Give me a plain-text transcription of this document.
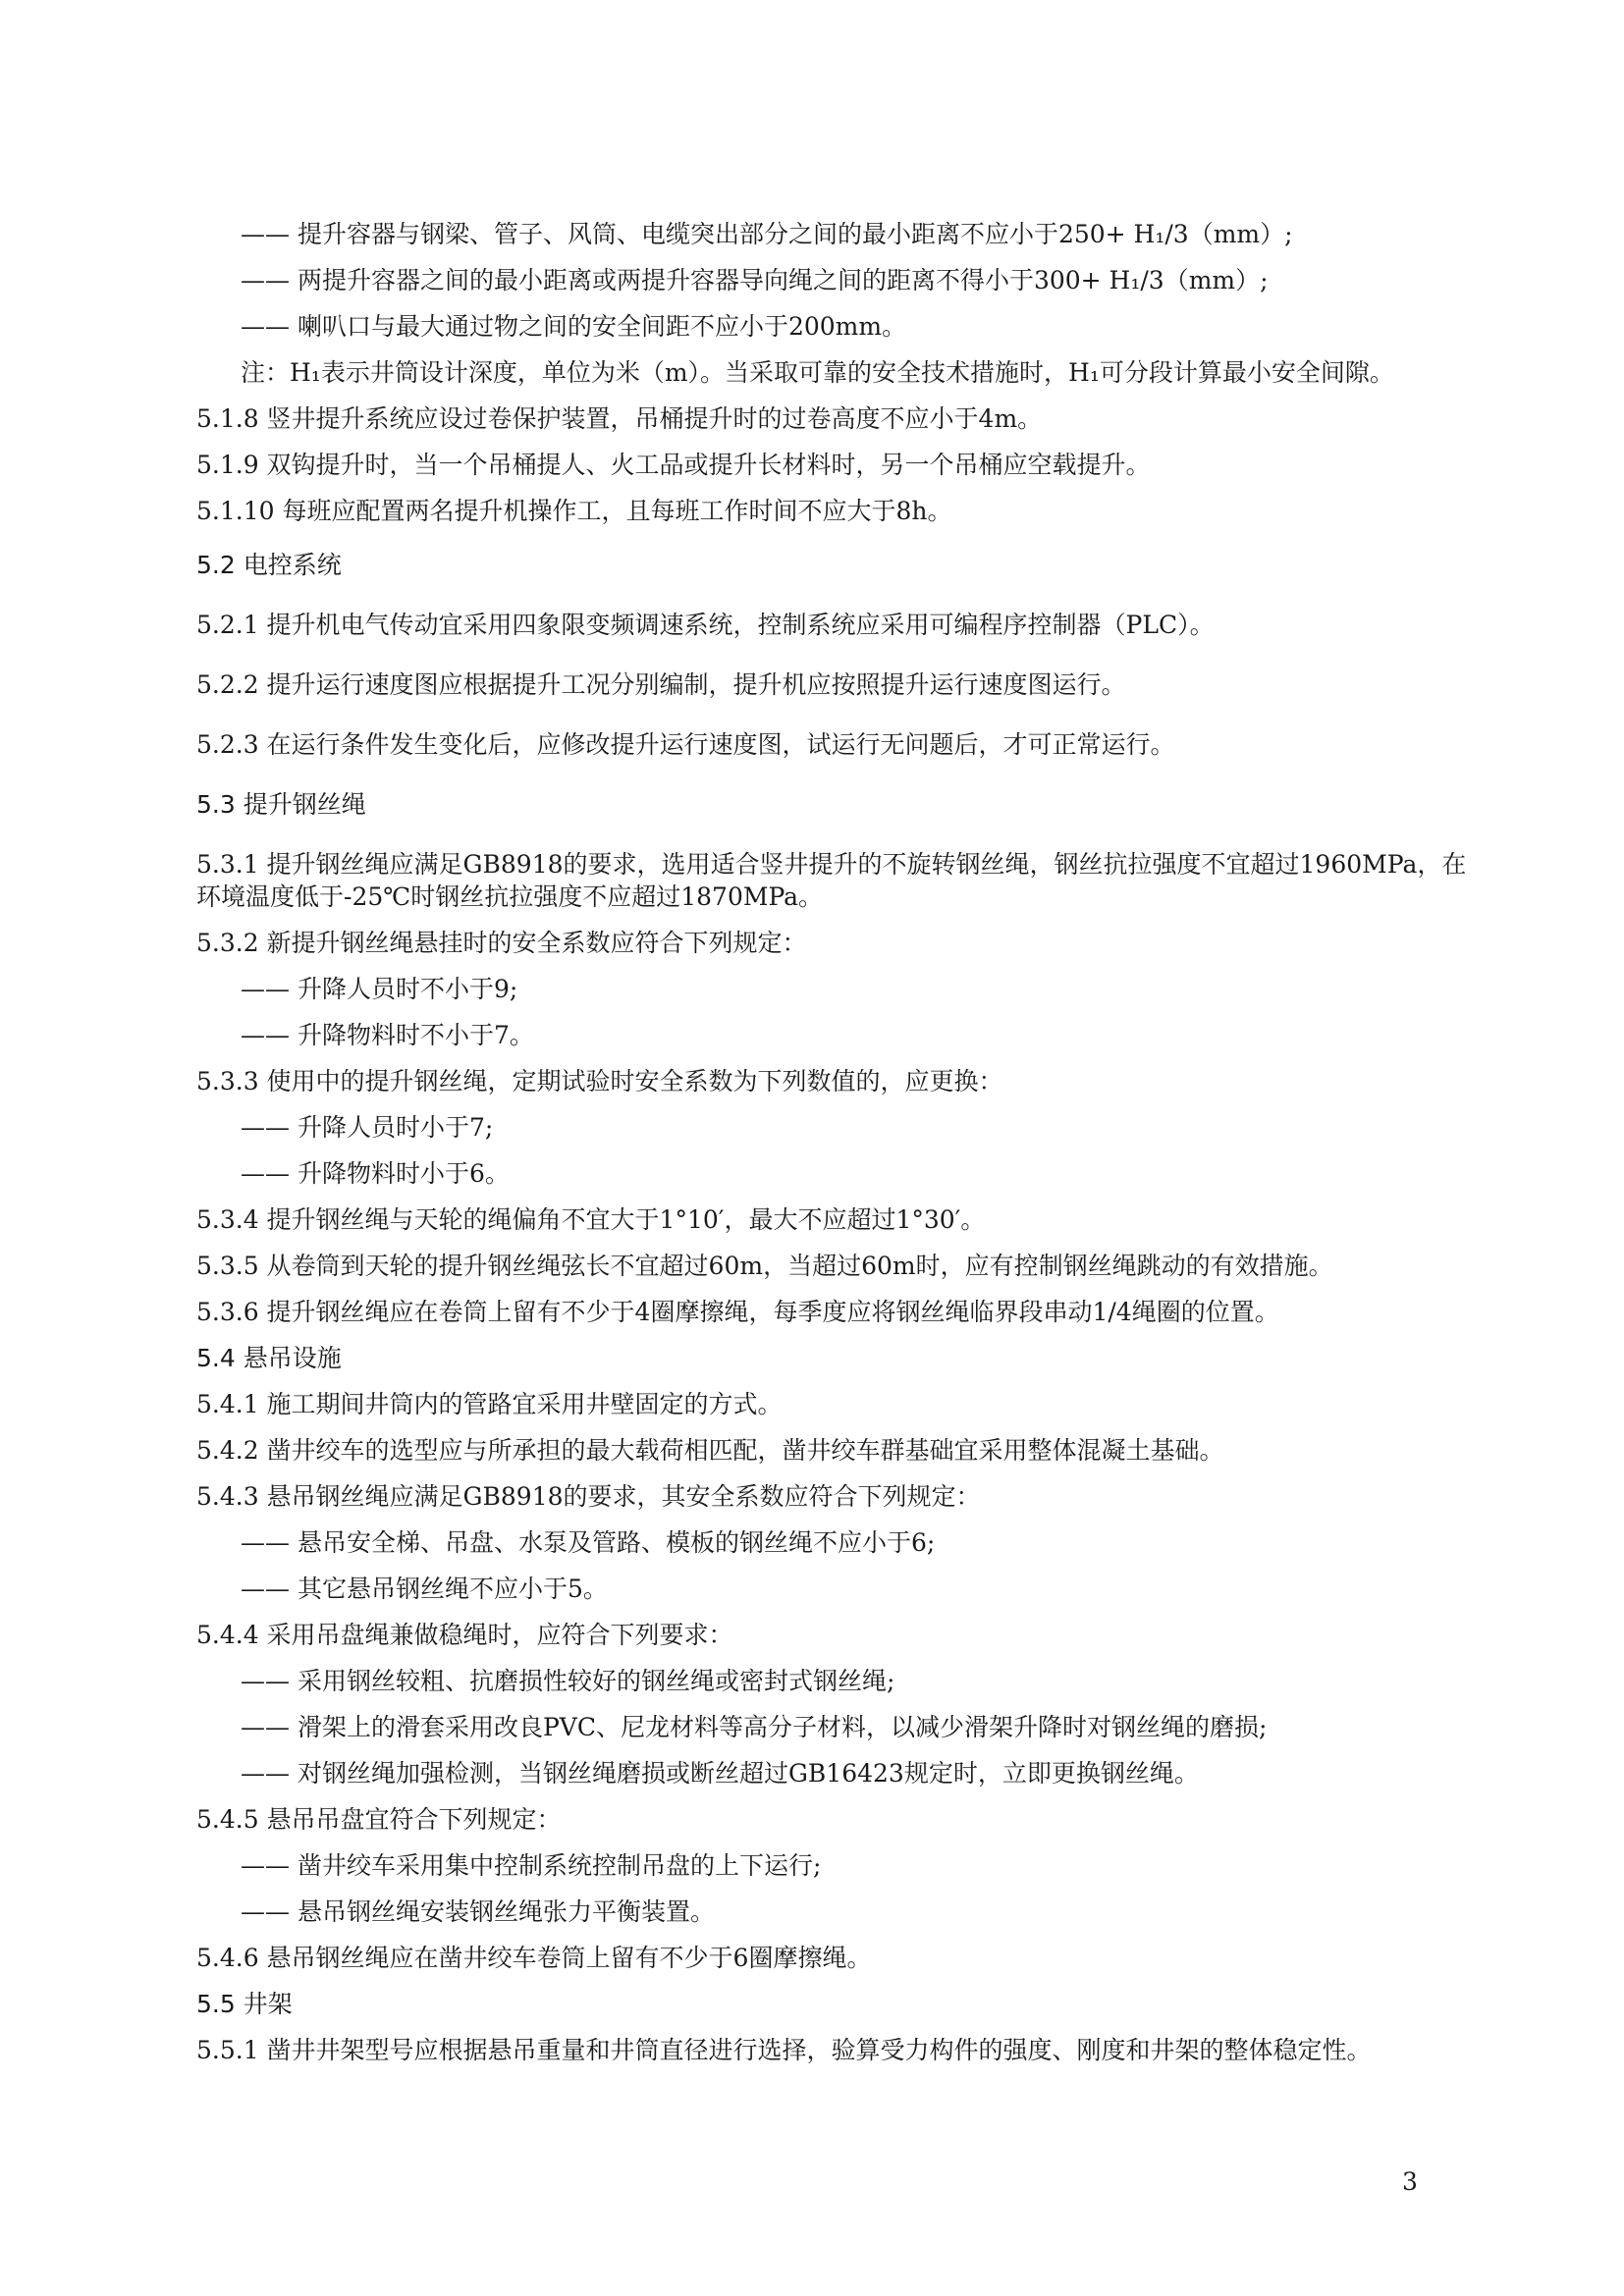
—— 提升容器与钢梁、管子、风筒、电缆突出部分之间的最小距离不应小于250+ H₁/3（mm）;
—— 两提升容器之间的最小距离或两提升容器导向绳之间的距离不得小于300+ H₁/3（mm）;
—— 喇叭口与最大通过物之间的安全间距不应小于200mm。
注：H₁表示井筒设计深度，单位为米（m）。当采取可靠的安全技术措施时，H₁可分段计算最小安全间隙。
5.1.8 竖井提升系统应设过卷保护装置，吊桶提升时的过卷高度不应小于4m。
5.1.9 双钩提升时，当一个吊桶提人、火工品或提升长材料时，另一个吊桶应空载提升。
5.1.10 每班应配置两名提升机操作工，且每班工作时间不应大于8h。
5.2 电控系统
5.2.1 提升机电气传动宜采用四象限变频调速系统，控制系统应采用可编程序控制器（PLC）。
5.2.2 提升运行速度图应根据提升工况分别编制，提升机应按照提升运行速度图运行。
5.2.3 在运行条件发生变化后，应修改提升运行速度图，试运行无问题后，才可正常运行。
5.3 提升钢丝绳
5.3.1 提升钢丝绳应满足GB8918的要求，选用适合竖井提升的不旋转钢丝绳，钢丝抗拉强度不宜超过1960MPa，在环境温度低于-25℃时钢丝抗拉强度不应超过1870MPa。
5.3.2 新提升钢丝绳悬挂时的安全系数应符合下列规定：
—— 升降人员时不小于9;
—— 升降物料时不小于7。
5.3.3 使用中的提升钢丝绳，定期试验时安全系数为下列数值的，应更换：
—— 升降人员时小于7;
—— 升降物料时小于6。
5.3.4 提升钢丝绳与天轮的绳偏角不宜大于1°10′，最大不应超过1°30′。
5.3.5 从卷筒到天轮的提升钢丝绳弦长不宜超过60m，当超过60m时，应有控制钢丝绳跳动的有效措施。
5.3.6 提升钢丝绳应在卷筒上留有不少于4圈摩擦绳，每季度应将钢丝绳临界段串动1/4绳圈的位置。
5.4 悬吊设施
5.4.1 施工期间井筒内的管路宜采用井壁固定的方式。
5.4.2 凿井绞车的选型应与所承担的最大载荷相匹配，凿井绞车群基础宜采用整体混凝土基础。
5.4.3 悬吊钢丝绳应满足GB8918的要求，其安全系数应符合下列规定：
—— 悬吊安全梯、吊盘、水泵及管路、模板的钢丝绳不应小于6;
—— 其它悬吊钢丝绳不应小于5。
5.4.4 采用吊盘绳兼做稳绳时，应符合下列要求：
—— 采用钢丝较粗、抗磨损性较好的钢丝绳或密封式钢丝绳;
—— 滑架上的滑套采用改良PVC、尼龙材料等高分子材料，以减少滑架升降时对钢丝绳的磨损;
—— 对钢丝绳加强检测，当钢丝绳磨损或断丝超过GB16423规定时，立即更换钢丝绳。
5.4.5 悬吊吊盘宜符合下列规定：
—— 凿井绞车采用集中控制系统控制吊盘的上下运行;
—— 悬吊钢丝绳安装钢丝绳张力平衡装置。
5.4.6 悬吊钢丝绳应在凿井绞车卷筒上留有不少于6圈摩擦绳。
5.5 井架
5.5.1 凿井井架型号应根据悬吊重量和井筒直径进行选择，验算受力构件的强度、刚度和井架的整体稳定性。
3
